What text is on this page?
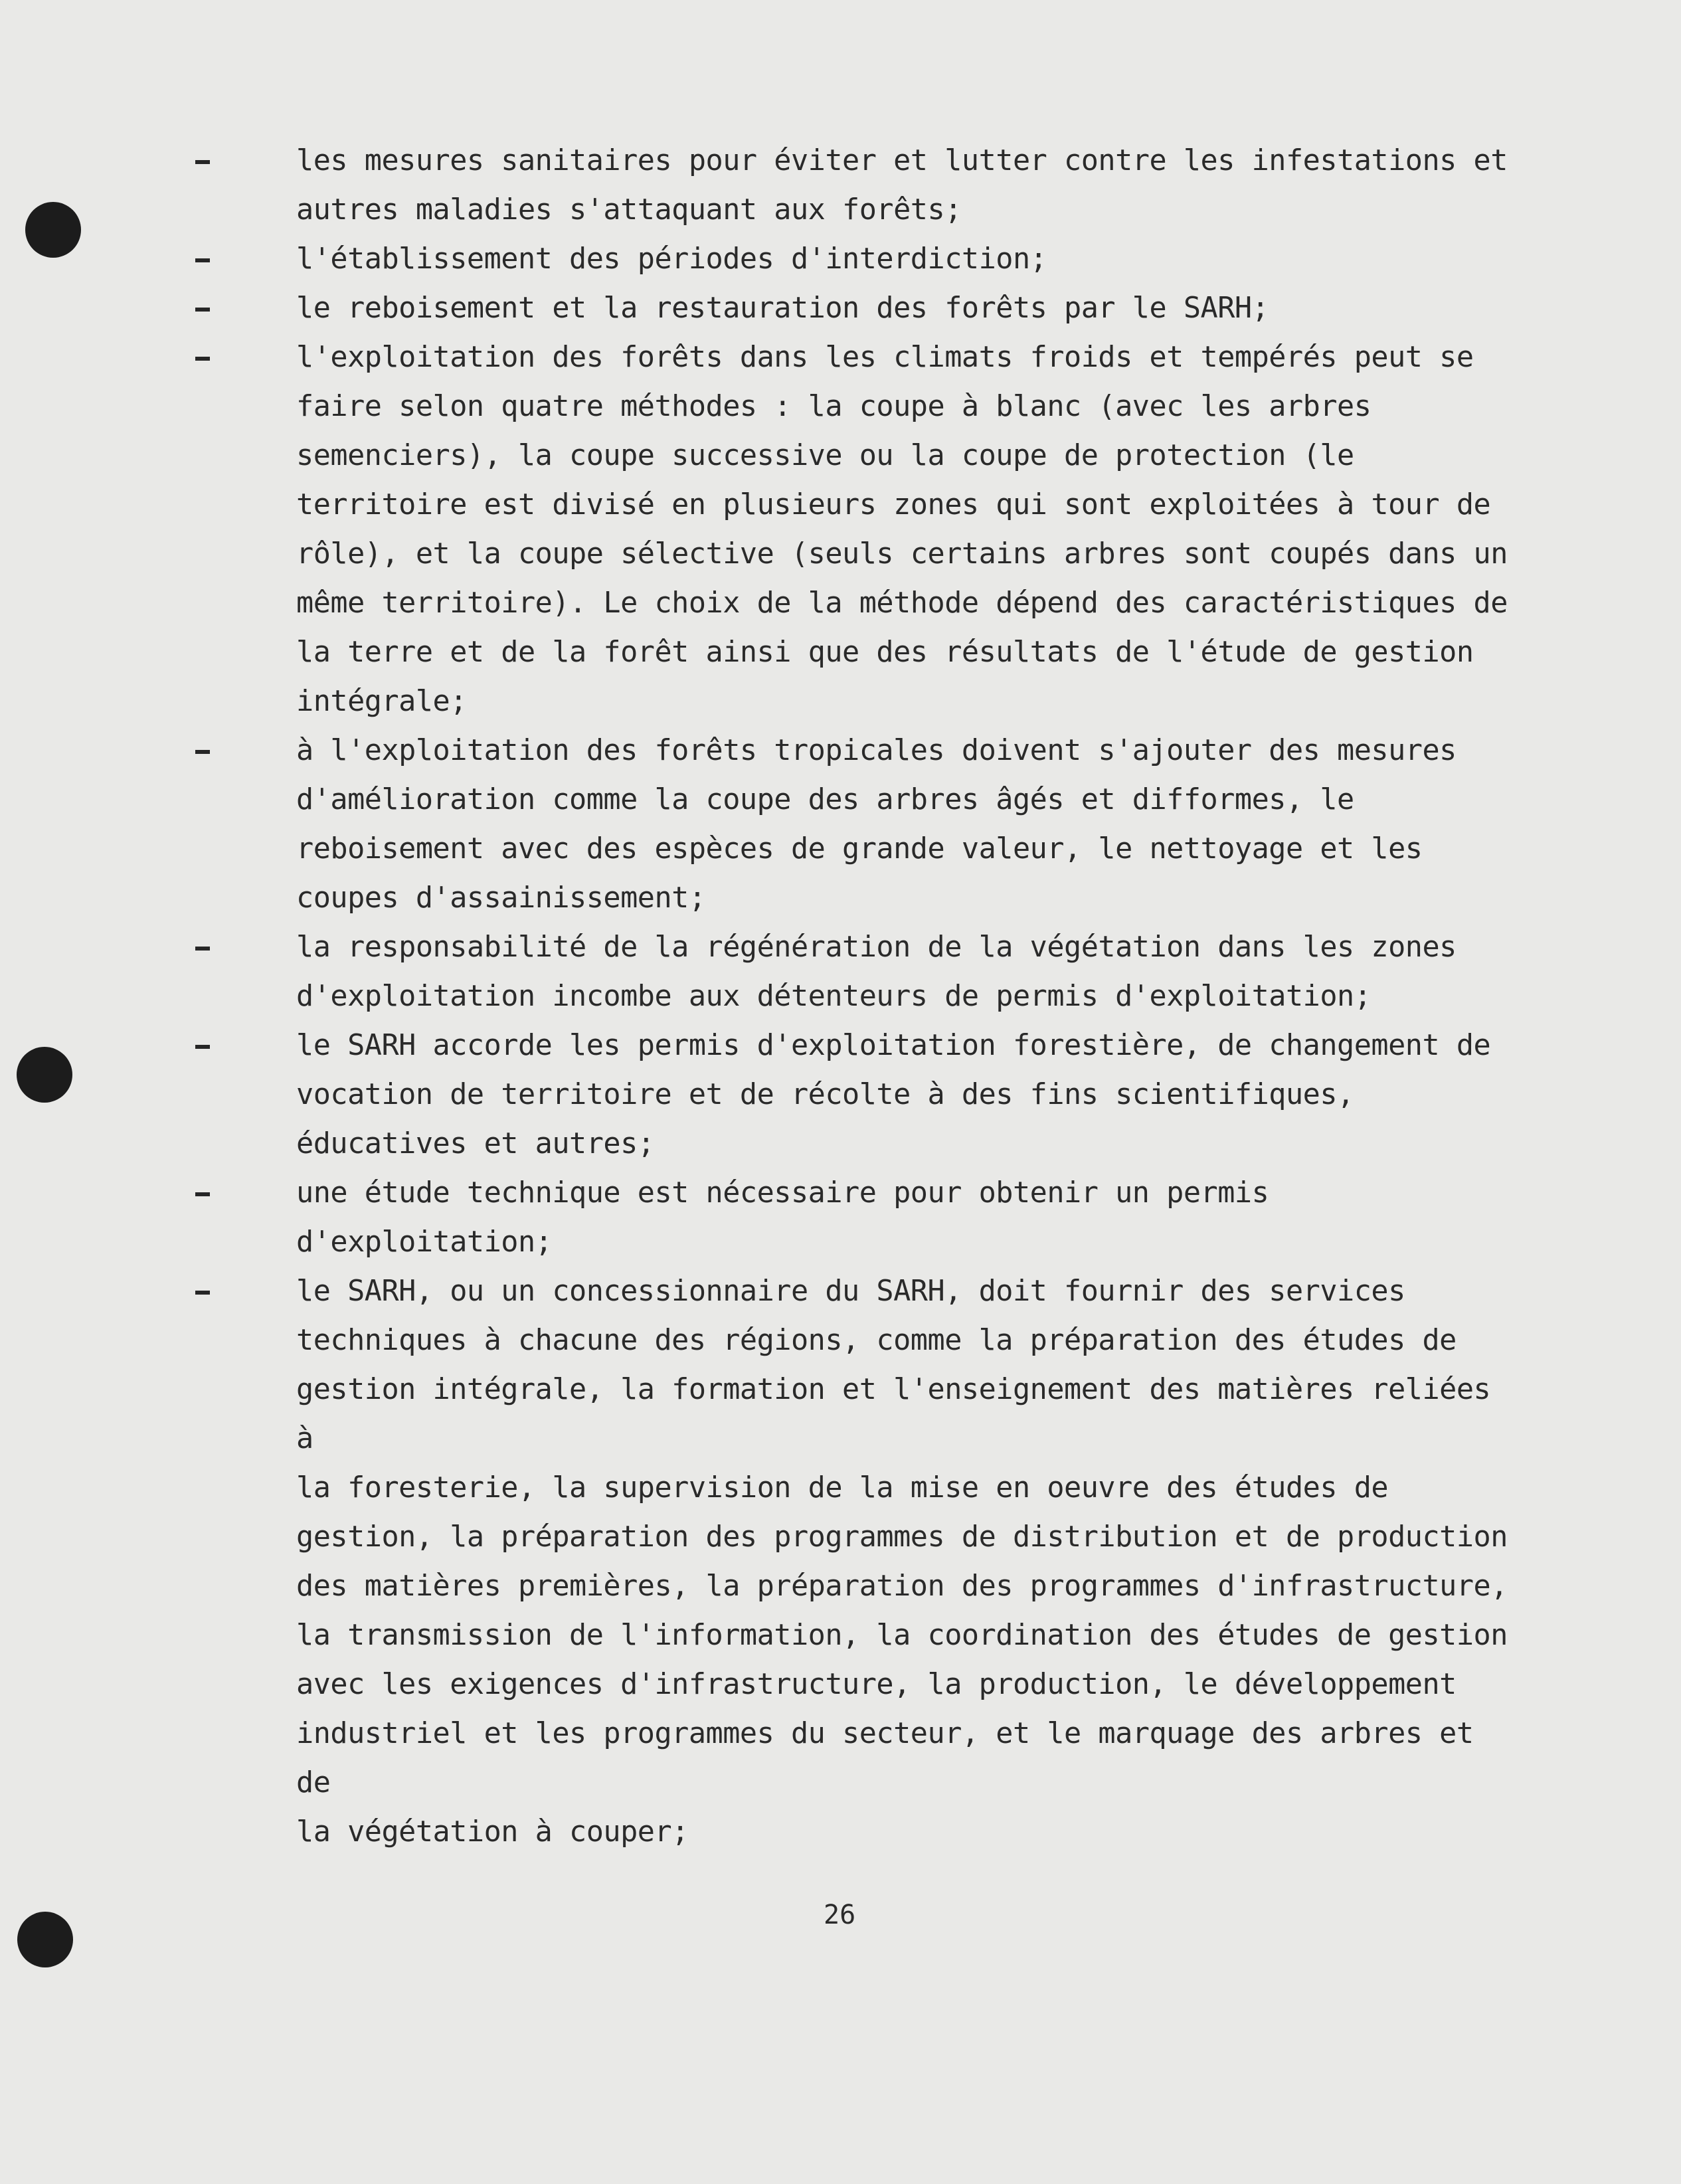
les mesures sanitaires pour éviter et lutter contre les infestations et
autres maladies s'attaquant aux forêts;
l'établissement des périodes d'interdiction;
le reboisement et la restauration des forêts par le SARH;
l'exploitation des forêts dans les climats froids et tempérés peut se
faire selon quatre méthodes : la coupe à blanc (avec les arbres
semenciers), la coupe successive ou la coupe de protection (le
territoire est divisé en plusieurs zones qui sont exploitées à tour de
rôle), et la coupe sélective (seuls certains arbres sont coupés dans un
même territoire). Le choix de la méthode dépend des caractéristiques de
la terre et de la forêt ainsi que des résultats de l'étude de gestion
intégrale;
à l'exploitation des forêts tropicales doivent s'ajouter des mesures
d'amélioration comme la coupe des arbres âgés et difformes, le
reboisement avec des espèces de grande valeur, le nettoyage et les
coupes d'assainissement;
la responsabilité de la régénération de la végétation dans les zones
d'exploitation incombe aux détenteurs de permis d'exploitation;
le SARH accorde les permis d'exploitation forestière, de changement de
vocation de territoire et de récolte à des fins scientifiques,
éducatives et autres;
une étude technique est nécessaire pour obtenir un permis
d'exploitation;
le SARH, ou un concessionnaire du SARH, doit fournir des services
techniques à chacune des régions, comme la préparation des études de
gestion intégrale, la formation et l'enseignement des matières reliées à
la foresterie, la supervision de la mise en oeuvre des études de
gestion, la préparation des programmes de distribution et de production
des matières premières, la préparation des programmes d'infrastructure,
la transmission de l'information, la coordination des études de gestion
avec les exigences d'infrastructure, la production, le développement
industriel et les programmes du secteur, et le marquage des arbres et de
la végétation à couper;
26
